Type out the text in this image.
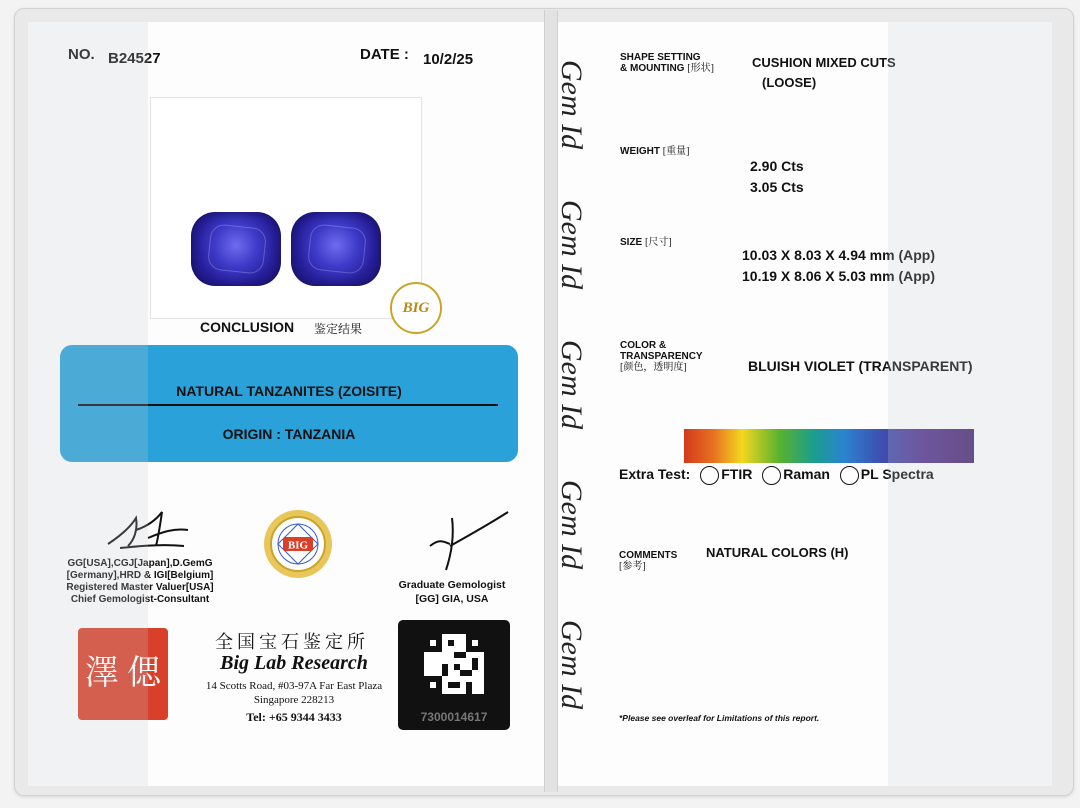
NO. B24527	DATE : 10/2/25
BIG
CONCLUSION 鉴定结果
NATURAL TANZANITES (ZOISITE)
ORIGIN : TANZANIA
GG[USA],CGJ[Japan],D.GemG
[Germany],HRD & IGI[Belgium]
Registered Master Valuer[USA]
Chief Gemologist-Consultant
BIG
Graduate Gemologist
[GG] GIA, USA
澤 偲
全国宝石鉴定所
Big Lab Research
14 Scotts Road, #03-97A Far East Plaza
Singapore 228213
Tel: +65 9344 3433	7300014617
Gem Id
Gem Id
Gem Id
Gem Id
Gem Id
SHAPE SETTING
& MOUNTING [形状]	CUSHION MIXED CUTS
(LOOSE)
WEIGHT [重量]
2.90 Cts
3.05 Cts
SIZE [尺寸]
10.03 X 8.03 X 4.94 mm (App)
10.19 X 8.06 X 5.03 mm (App)
COLOR &
TRANSPARENCY
[颜色，透明度]	BLUISH VIOLET (TRANSPARENT)
Extra Test: FTIR Raman PL Spectra
COMMENTS
[参考]
NATURAL COLORS (H)
*Please see overleaf for Limitations of this report.
